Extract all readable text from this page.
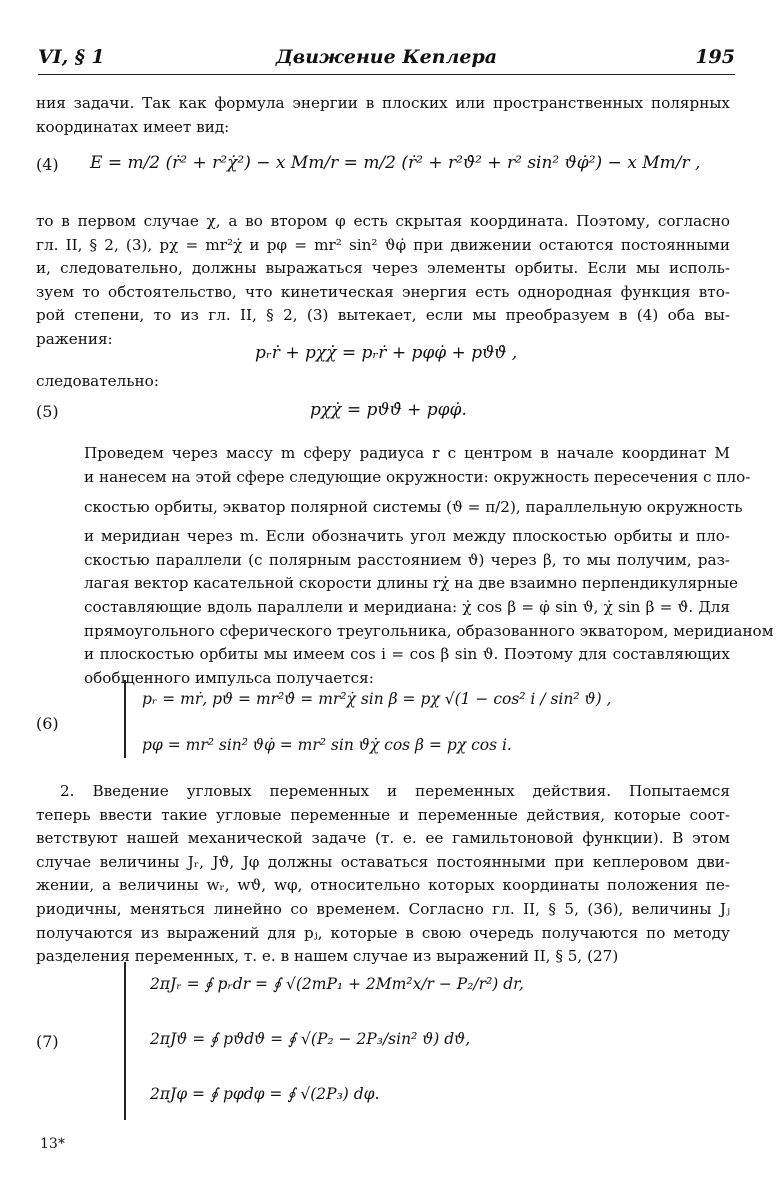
VI, § 1	Движение Кеплера	195
ния задачи. Так как формула энергии в плоских или пространственных полярных
координатах имеет вид:
(4) E = m/2 (ṙ² + r²χ̇²) − x Mm/r = m/2 (ṙ² + r²ϑ̇² + r² sin² ϑφ̇²) − x Mm/r ,
то в первом случае χ, а во втором φ есть скрытая координата. Поэтому, согласно
гл. II, § 2, (3), pχ = mr²χ̇ и pφ = mr² sin² ϑφ̇ при движении остаются постоянными
и, следовательно, должны выражаться через элементы орбиты. Если мы исполь-
зуем то обстоятельство, что кинетическая энергия есть однородная функция вто-
рой степени, то из гл. II, § 2, (3) вытекает, если мы преобразуем в (4) оба вы-
ражения:
pᵣṙ + pχχ̇ = pᵣṙ + pφφ̇ + pϑϑ̇ ,
следовательно:
(5)	pχχ̇ = pϑϑ̇ + pφφ̇.
Проведем через массу m сферу радиуса r с центром в начале координат M
и нанесем на этой сфере следующие окружности: окружность пересечения с пло-
скостью орбиты, экватор полярной системы (ϑ = π/2), параллельную окружность
и меридиан через m. Если обозначить угол между плоскостью орбиты и пло-
скостью параллели (с полярным расстоянием ϑ) через β, то мы получим, раз-
лагая вектор касательной скорости длины rχ̇ на две взаимно перпендикулярные
составляющие вдоль параллели и меридиана: χ̇ cos β = φ̇ sin ϑ, χ̇ sin β = ϑ̇. Для
прямоугольного сферического треугольника, образованного экватором, меридианом
и плоскостью орбиты мы имеем cos i = cos β sin ϑ. Поэтому для составляющих
обобщенного импульса получается:
(6)
pᵣ = mṙ, pϑ = mr²ϑ̇ = mr²χ̇ sin β = pχ √(1 − cos² i / sin² ϑ) ,
pφ = mr² sin² ϑφ̇ = mr² sin ϑχ̇ cos β = pχ cos i.
2. Введение угловых переменных и переменных действия. Попытаемся
теперь ввести такие угловые переменные и переменные действия, которые соот-
ветствуют нашей механической задаче (т. е. ее гамильтоновой функции). В этом
случае величины Jᵣ, Jϑ, Jφ должны оставаться постоянными при кеплеровом дви-
жении, а величины wᵣ, wϑ, wφ, относительно которых координаты положения пе-
риодичны, меняться линейно со временем. Согласно гл. II, § 5, (36), величины Jⱼ
получаются из выражений для pⱼ, которые в свою очередь получаются по методу
разделения переменных, т. е. в нашем случае из выражений II, § 5, (27)
(7)
2πJᵣ = ∮ pᵣdr = ∮ √(2mP₁ + 2Mm²x/r − P₂/r²) dr,
2πJϑ = ∮ pϑdϑ = ∮ √(P₂ − 2P₃/sin² ϑ) dϑ,
2πJφ = ∮ pφdφ = ∮ √(2P₃) dφ.
13*
